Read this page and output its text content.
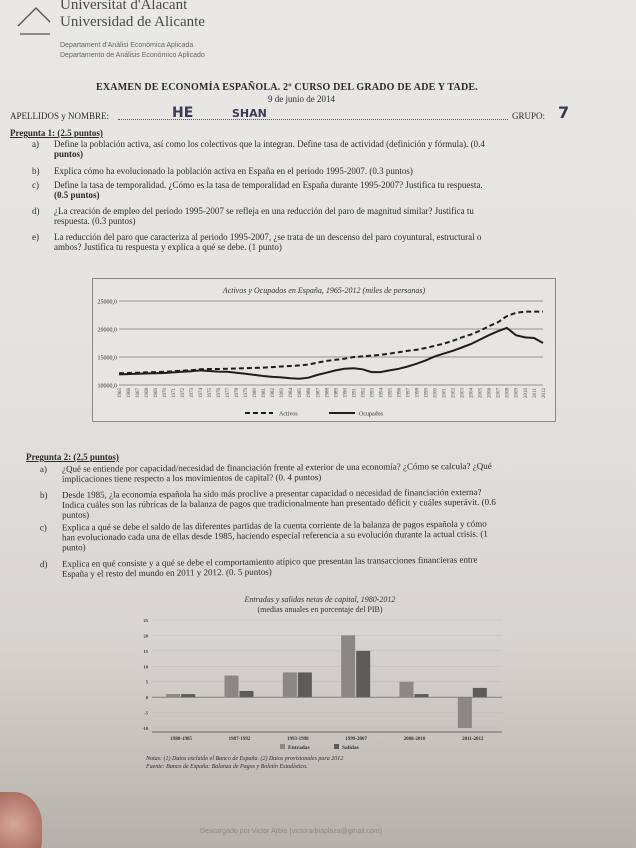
Universitat d'Alacant
Universidad de Alicante
Departament d'Anàlisi Econòmica Aplicada
Departamento de Análisis Económico Aplicado
EXAMEN DE ECONOMÍA ESPAÑOLA. 2º CURSO DEL GRADO DE ADE Y TADE.
9 de junio de 2014
APELLIDOS y NOMBRE:	HE	SHAN	GRUPO: 7
Pregunta 1: (2.5 puntos)
a) Define la población activa, así como los colectivos que la integran. Define tasa de actividad (definición y fórmula). (0.4
puntos)
b) Explica cómo ha evolucionado la población activa en España en el periodo 1995-2007. (0.3 puntos)
c) Define la tasa de temporalidad. ¿Cómo es la tasa de temporalidad en España durante 1995-2007? Justifica tu respuesta.
(0.5 puntos)
d) ¿La creación de empleo del periodo 1995-2007 se refleja en una reducción del paro de magnitud similar? Justifica tu
respuesta. (0.3 puntos)
e) La reducción del paro que caracteriza al periodo 1995-2007, ¿se trata de un descenso del paro coyuntural, estructural o
ambos? Justifica tu respuesta y explica a qué se debe. (1 punto)
Activos y Ocupados en España, 1965-2012 (miles de personas)
25000,0
20000,0
15000,0
10000,0
1965 1966 1967 1968 1969 1970 1971 1972 1973 1974 1975 1976 1977 1978 1979 1980 1981 1982 1983 1984 1985 1986 1987 1988 1989 1990 1991 1992 1993 1994 1995 1996 1997 1998 1999 2000 2001 2002 2003 2004 2005 2006 2007 2008 2009 2010 2011 2012
Activos	Ocupados
Pregunta 2: (2,5 puntos)
a) ¿Qué se entiende por capacidad/necesidad de financiación frente al exterior de una economía? ¿Cómo se calcula? ¿Qué
implicaciones tiene respecto a los movimientos de capital? (0. 4 puntos)
b) Desde 1985, ¿la economía española ha sido más proclive a presentar capacidad o necesidad de financiación externa?
Indica cuáles son las rúbricas de la balanza de pagos que tradicionalmente han presentado déficit y cuáles superávit. (0.6
puntos)
c) Explica a qué se debe el saldo de las diferentes partidas de la cuenta corriente de la balanza de pagos española y cómo
han evolucionado cada una de ellas desde 1985, haciendo especial referencia a su evolución durante la actual crisis. (1
punto)
d) Explica en qué consiste y a qué se debe el comportamiento atípico que presentan las transacciones financieras entre
España y el resto del mundo en 2011 y 2012. (0. 5 puntos)
Entradas y salidas netas de capital, 1980-2012
(medias anuales en porcentaje del PIB)
25
20
15
10
5
0
-5
-10
1980-1985	1987-1992	1993-1998	1999-2007	2008-2010	2011-2012
Entradas	Salidas
Notas: (1) Datos excluido el Banco de España. (2) Datos provisionales para 2012
Fuente: Banco de España: Balanza de Pagos y Boletín Estadístico.
Descargado por Victor Arbia (victorarbiaplaza@gmail.com)
